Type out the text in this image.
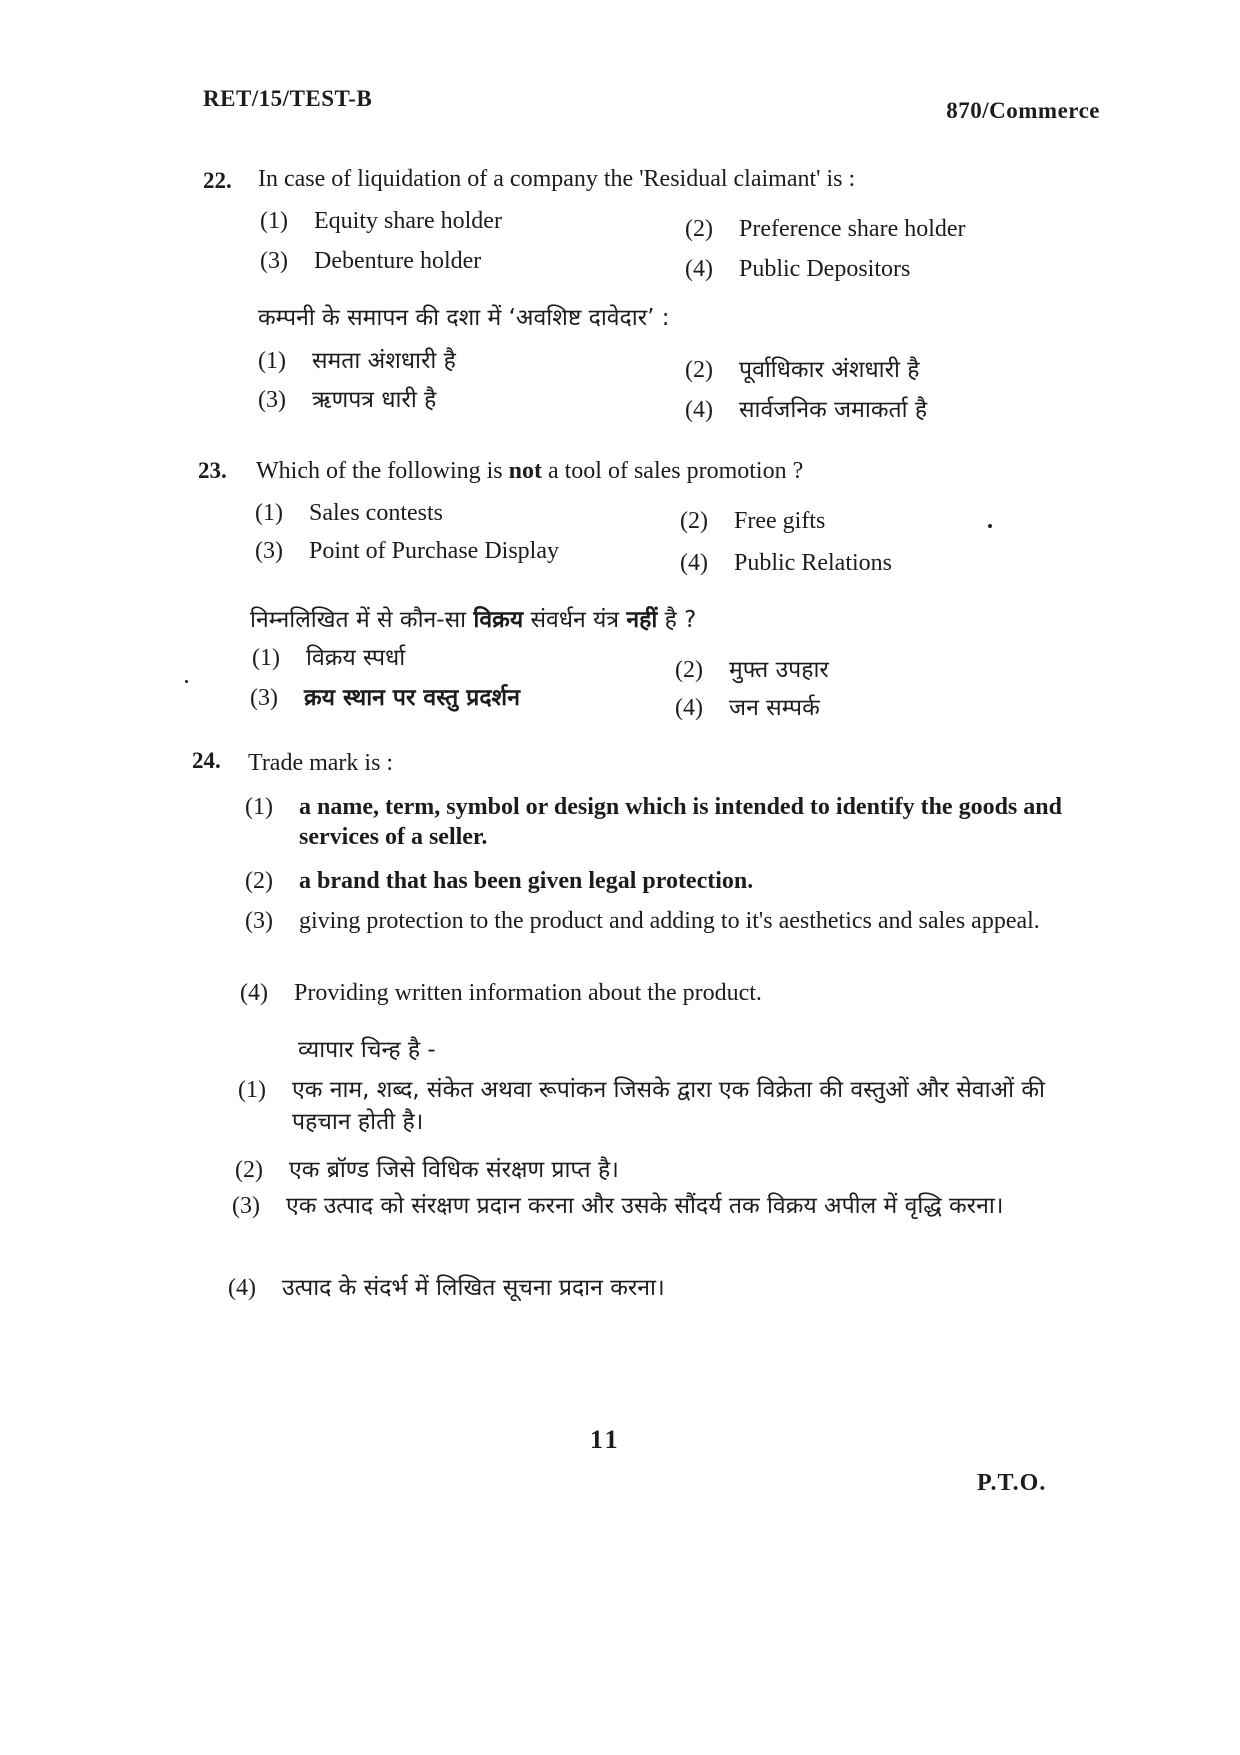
RET/15/TEST-B	870/Commerce
22. In case of liquidation of a company the 'Residual claimant' is :
(1) Equity share holder	(2) Preference share holder
(3) Debenture holder	(4) Public Depositors
कम्पनी के समापन की दशा में ‘अवशिष्ट दावेदार’ :
(1) समता अंशधारी है	(2) पूर्वाधिकार अंशधारी है
(3) ऋणपत्र धारी है	(4) सार्वजनिक जमाकर्ता है
23. Which of the following is not a tool of sales promotion ?
(1) Sales contests	(2) Free gifts
(3) Point of Purchase Display	(4) Public Relations
निम्नलिखित में से कौन-सा विक्रय संवर्धन यंत्र नहीं है ?
(1) विक्रय स्पर्धा	(2) मुफ्त उपहार
(3) क्रय स्थान पर वस्तु प्रदर्शन	(4) जन सम्पर्क
24. Trade mark is :
(1)	a name, term, symbol or design which is intended to identify the goods and services of a seller.
(2) a brand that has been given legal protection.
(3)	giving protection to the product and adding to it's aesthetics and sales appeal.
(4) Providing written information about the product.
व्यापार चिन्ह है -
(1)	एक नाम, शब्द, संकेत अथवा रूपांकन जिसके द्वारा एक विक्रेता की वस्तुओं और सेवाओं की पहचान होती है।
(2) एक ब्रॉण्ड जिसे विधिक संरक्षण प्राप्त है।
(3)	एक उत्पाद को संरक्षण प्रदान करना और उसके सौंदर्य तक विक्रय अपील में वृद्धि करना।
(4) उत्पाद के संदर्भ में लिखित सूचना प्रदान करना।
11
P.T.O.
